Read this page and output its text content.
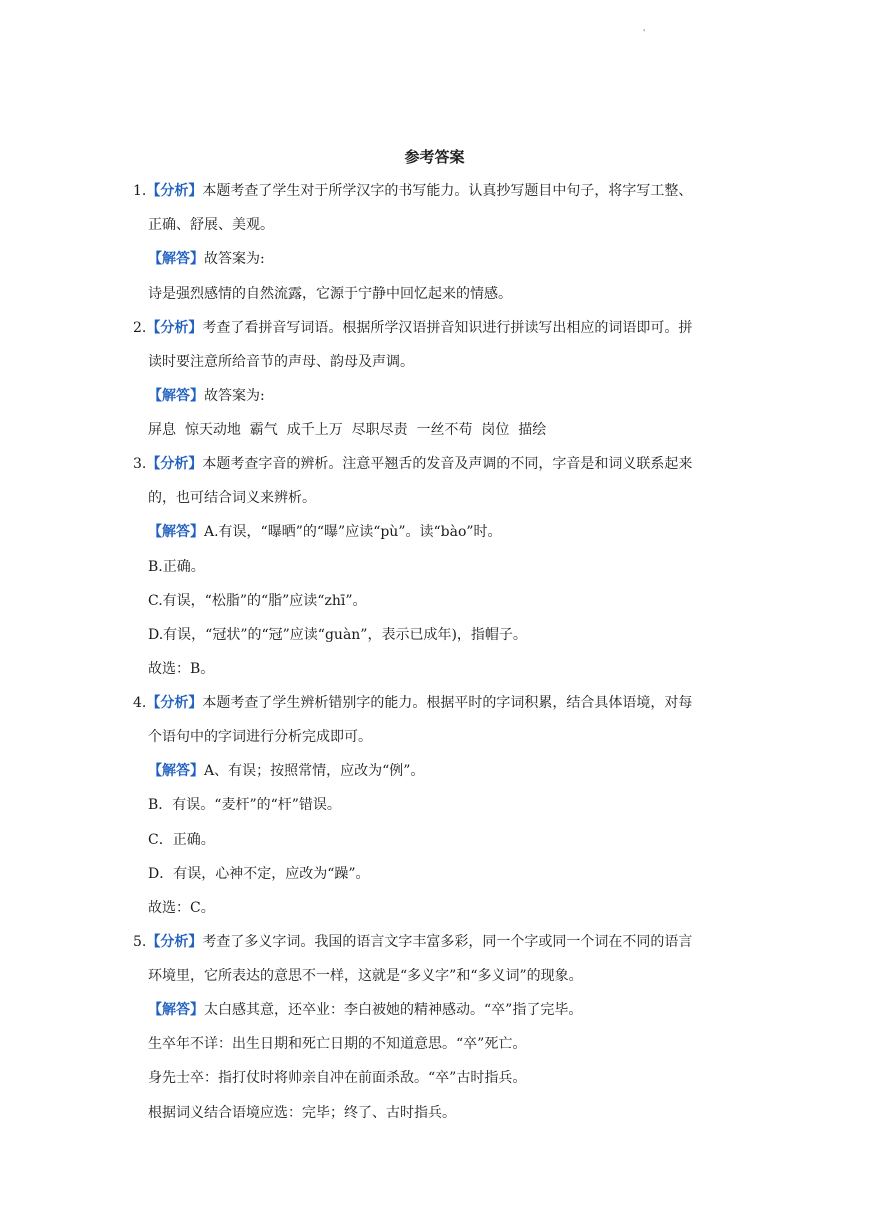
'
参考答案
1.【分析】本题考查了学生对于所学汉字的书写能力。认真抄写题目中句子，将字写工整、
正确、舒展、美观。
【解答】故答案为:
诗是强烈感情的自然流露，它源于宁静中回忆起来的情感。
2.【分析】考查了看拼音写词语。根据所学汉语拼音知识进行拼读写出相应的词语即可。拼
读时要注意所给音节的声母、韵母及声调。
【解答】故答案为:
屏息  惊天动地  霸气  成千上万  尽职尽责  一丝不苟  岗位  描绘
3.【分析】本题考查字音的辨析。注意平翘舌的发音及声调的不同，字音是和词义联系起来
的，也可结合词义来辨析。
【解答】A.有误，“曝晒”的“曝”应读“pù”。读“bào”时。
B.正确。
C.有误，“松脂”的“脂”应读“zhī”。
D.有误，“冠状”的“冠”应读“guàn”，表示已成年)，指帽子。
故选：B。
4.【分析】本题考查了学生辨析错别字的能力。根据平时的字词积累，结合具体语境，对每
个语句中的字词进行分析完成即可。
【解答】A、有误；按照常情，应改为“例”。
B．有误。“麦杆”的“杆”错误。
C．正确。
D．有误，心神不定，应改为“躁”。
故选：C。
5.【分析】考查了多义字词。我国的语言文字丰富多彩，同一个字或同一个词在不同的语言
环境里，它所表达的意思不一样，这就是“多义字”和“多义词”的现象。
【解答】太白感其意，还卒业：李白被她的精神感动。“卒”指了完毕。
生卒年不详：出生日期和死亡日期的不知道意思。“卒”死亡。
身先士卒：指打仗时将帅亲自冲在前面杀敌。“卒”古时指兵。
根据词义结合语境应选：完毕；终了、古时指兵。
